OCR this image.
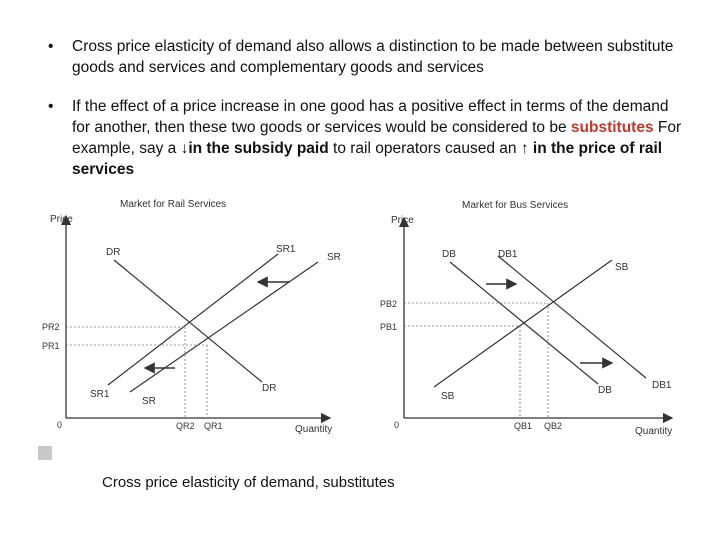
•	Cross price elasticity of demand also allows a distinction to be made between substitute goods and services and complementary goods and services
•	If the effect of a price increase in one good has a positive effect in terms of the demand for another, then these two goods or services would be considered to be substitutes For example, say a ↓in the subsidy paid to rail operators caused an ↑ in the price of rail services
Market for Rail Services
Price
Quantity
0
DR
DR
SR1
SR
SR1
SR
PR2
PR1
QR2 QR1
Market for Bus Services
Price
Quantity
0
DB	DB1
SB
SB
DB	DB1
PB2
PB1
QB1 QB2
Cross price elasticity of demand, substitutes
